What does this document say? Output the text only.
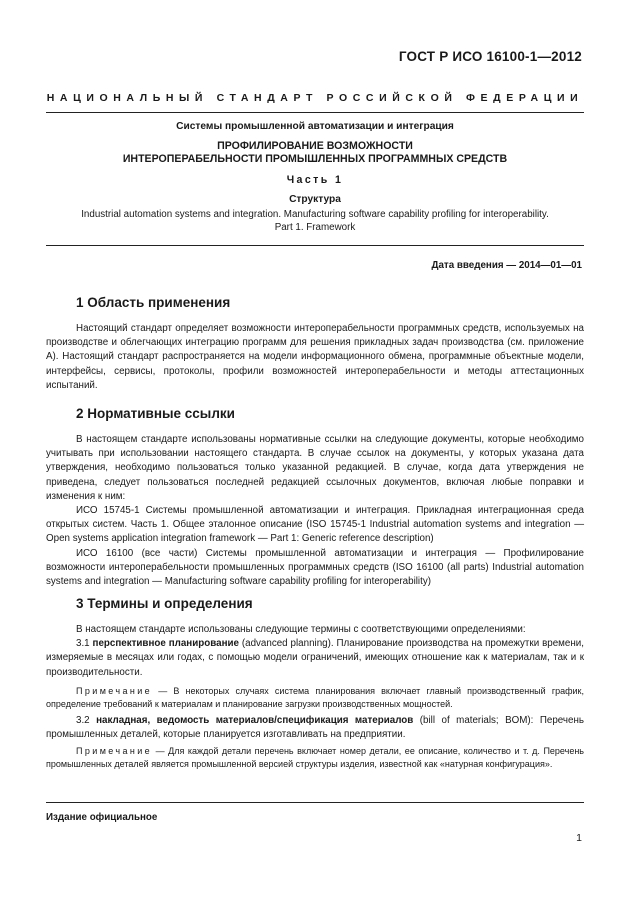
ГОСТ Р ИСО 16100-1—2012
НАЦИОНАЛЬНЫЙ СТАНДАРТ РОССИЙСКОЙ ФЕДЕРАЦИИ
Системы промышленной автоматизации и интеграция
ПРОФИЛИРОВАНИЕ ВОЗМОЖНОСТИ
ИНТЕРОПЕРАБЕЛЬНОСТИ ПРОМЫШЛЕННЫХ ПРОГРАММНЫХ СРЕДСТВ
Часть 1
Структура
Industrial automation systems and integration. Manufacturing software capability profiling for interoperability.
Part 1. Framework
Дата введения — 2014—01—01
1 Область применения

Настоящий стандарт определяет возможности интероперабельности программных средств, используемых на производстве и облегчающих интеграцию программ для решения прикладных задач производства (см. приложение А). Настоящий стандарт распространяется на модели информационного обмена, программные объектные модели, интерфейсы, сервисы, протоколы, профили возможностей интероперабельности и методы аттестационных испытаний.

2 Нормативные ссылки

В настоящем стандарте использованы нормативные ссылки на следующие документы, которые необходимо учитывать при использовании настоящего стандарта. В случае ссылок на документы, у которых указана дата утверждения, необходимо пользоваться только указанной редакцией. В случае, когда дата утверждения не приведена, следует пользоваться последней редакцией ссылочных документов, включая любые поправки и изменения к ним:

ИСО 15745-1 Системы промышленной автоматизации и интеграция. Прикладная интеграционная среда открытых систем. Часть 1. Общее эталонное описание (ISO 15745-1 Industrial automation systems and integration — Open systems application integration framework — Part 1: Generic reference description)

ИСО 16100 (все части) Системы промышленной автоматизации и интеграция — Профилирование возможности интероперабельности промышленных программных средств (ISO 16100 (all parts) Industrial automation systems and integration — Manufacturing software capability profiling for interoperability)

3 Термины и определения

В настоящем стандарте использованы следующие термины с соответствующими определениями:

3.1 перспективное планирование (advanced planning). Планирование производства на промежутки времени, измеряемые в месяцах или годах, с помощью модели ограничений, имеющих отношение как к материалам, так и к производительности.

Примечание — В некоторых случаях система планирования включает главный производственный график, определение требований к материалам и планирование загрузки производственных мощностей.

3.2 накладная, ведомость материалов/спецификация материалов (bill of materials; BOM): Перечень промышленных деталей, которые планируется изготавливать на предприятии.

Примечание — Для каждой детали перечень включает номер детали, ее описание, количество и т. д. Перечень промышленных деталей является промышленной версией структуры изделия, известной как «натурная конфигурация».

Издание официальное
1
